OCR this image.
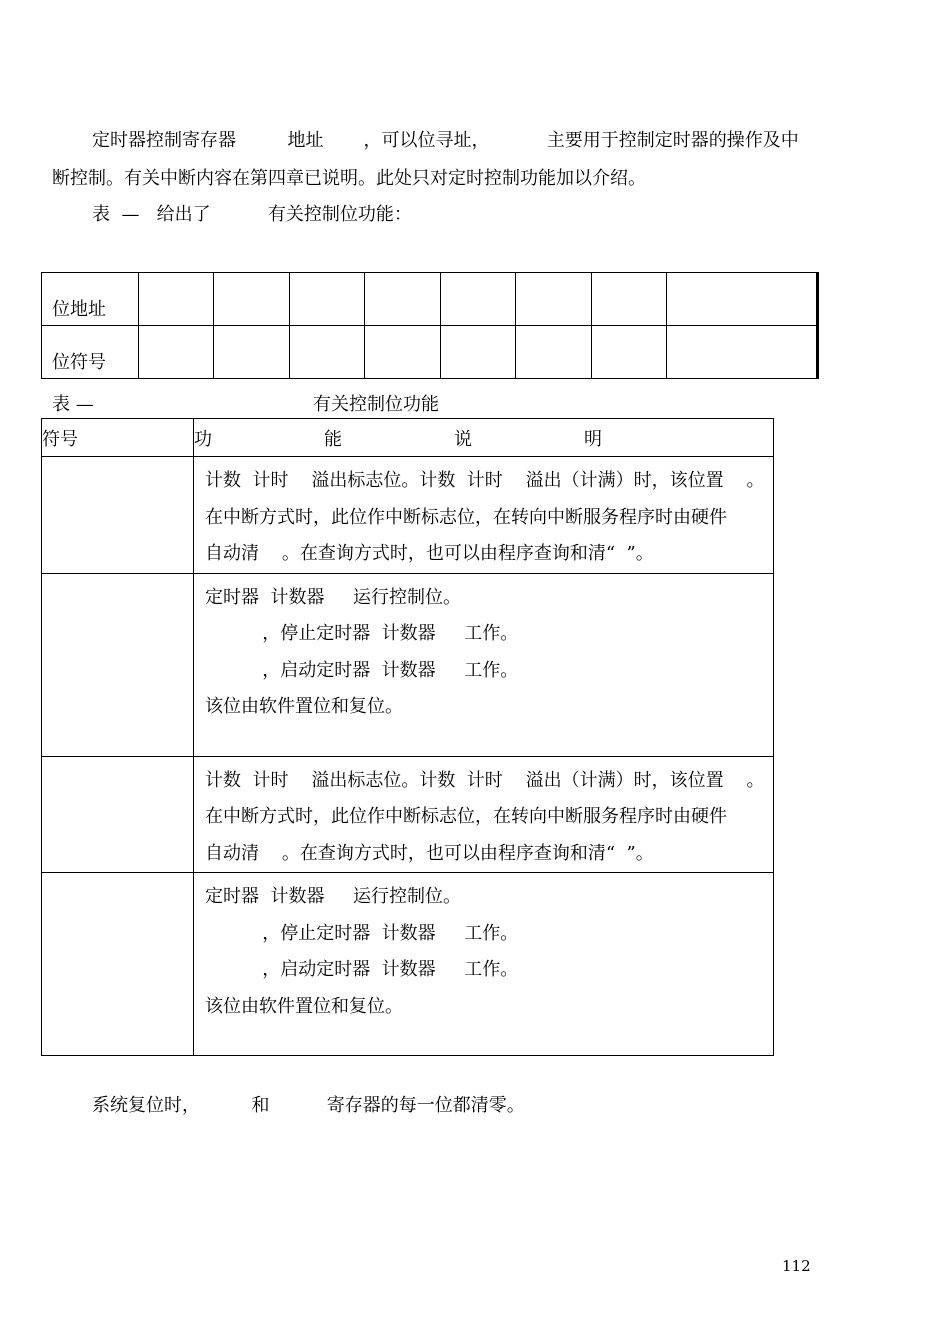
定时器控制寄存器         地址       ，可以位寻址，          主要用于控制定时器的操作及中
断控制。有关中断内容在第四章已说明。此处只对定时控制功能加以介绍。
表  —   给出了          有关控制位功能：
位地址								
位符号								
表 —	有关控制位功能
符号	功 能 说 明

	计数  计时    溢出标志位。计数  计时    溢出（计满）时，该位置    。
在中断方式时，此位作中断标志位，在转向中断服务程序时由硬件
自动清    。在查询方式时，也可以由程序查询和清“  ”。

	定时器  计数器     运行控制位。
，停止定时器  计数器     工作。
，启动定时器  计数器     工作。
该位由软件置位和复位。

	计数  计时    溢出标志位。计数  计时    溢出（计满）时，该位置    。
在中断方式时，此位作中断标志位，在转向中断服务程序时由硬件
自动清    。在查询方式时，也可以由程序查询和清“  ”。

	定时器  计数器     运行控制位。
，停止定时器  计数器     工作。
，启动定时器  计数器     工作。
该位由软件置位和复位。
系统复位时，         和          寄存器的每一位都清零。
112
